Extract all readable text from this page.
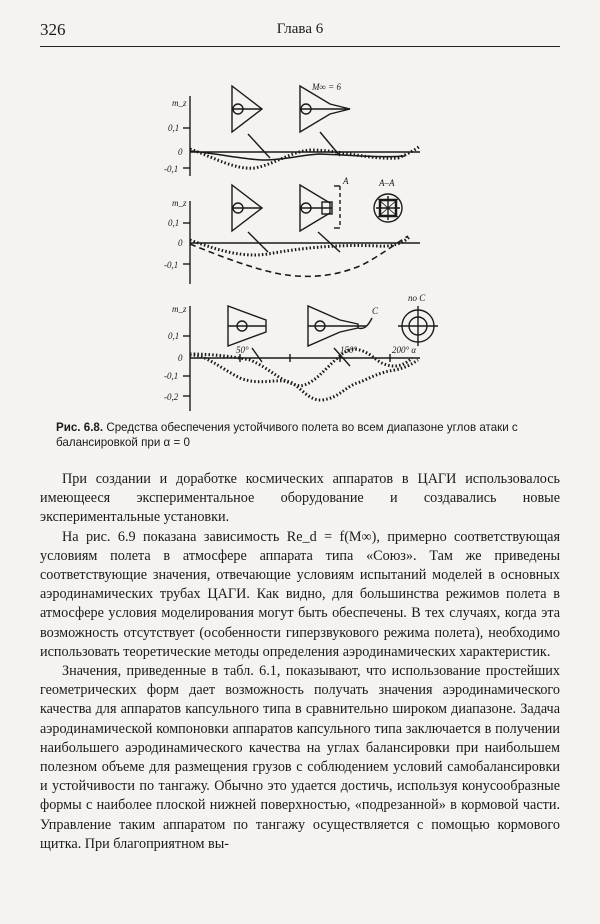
326	Глава 6
m_z
0,1
0
-0,1
M∞ = 6
m_z
0,1
0
-0,1
A	A–A
m_z
0,1
0
-0,1
-0,2
50°	150°	200° α
С
по С
Рис. 6.8. Средства обеспечения устойчивого полета во всем диапазоне углов атаки с балансировкой при α = 0

При создании и доработке космических аппаратов в ЦАГИ использовалось имеющееся экспериментальное оборудование и создавались новые экспериментальные установки.

На рис. 6.9 показана зависимость Re_d = f(M∞), примерно соответствующая условиям полета в атмосфере аппарата типа «Союз». Там же приведены соответствующие значения, отвечающие условиям испытаний моделей в основных аэродинамических трубах ЦАГИ. Как видно, для большинства режимов полета в атмосфере условия моделирования могут быть обеспечены. В тех случаях, когда эта возможность отсутствует (особенности гиперзвукового режима полета), необходимо использовать теоретические методы определения аэродинамических характеристик.

Значения, приведенные в табл. 6.1, показывают, что использование простейших геометрических форм дает возможность получать значения аэродинамического качества для аппаратов капсульного типа в сравнительно широком диапазоне. Задача аэродинамической компоновки аппаратов капсульного типа заключается в получении наибольшего аэродинамического качества на углах балансировки при наибольшем полезном объеме для размещения грузов с соблюдением условий самобалансировки и устойчивости по тангажу. Обычно это удается достичь, используя конусообразные формы с наиболее плоской нижней поверхностью, «подрезанной» в кормовой части. Управление таким аппаратом по тангажу осуществляется с помощью кормового щитка. При благоприятном вы-
